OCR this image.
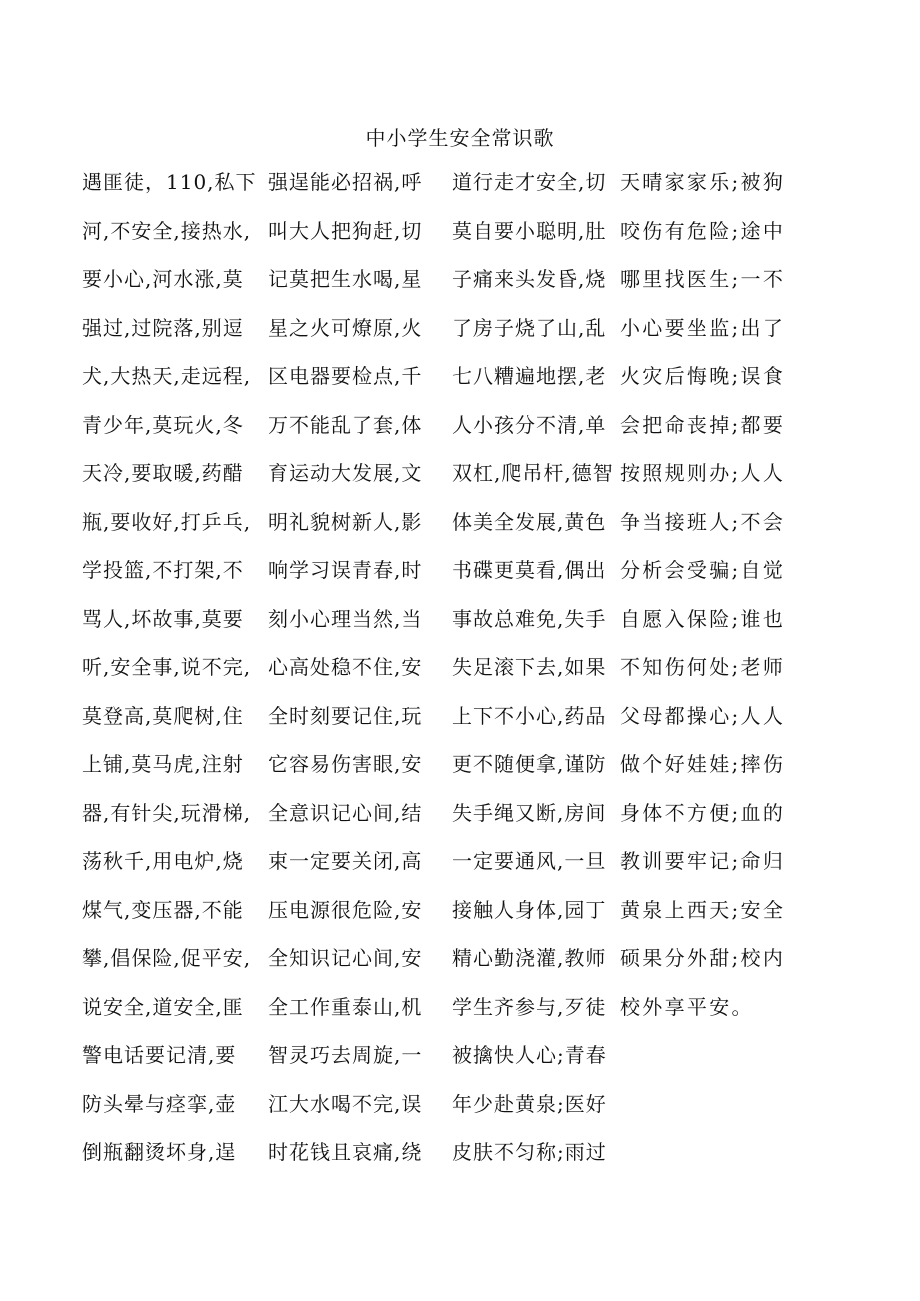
中小学生安全常识歌
遇匪徒，110,私下
河,不安全,接热水,
要小心,河水涨,莫
强过,过院落,别逗
犬,大热天,走远程,
青少年,莫玩火,冬
天冷,要取暖,药醋
瓶,要收好,打乒乓,
学投篮,不打架,不
骂人,坏故事,莫要
听,安全事,说不完,
莫登高,莫爬树,住
上铺,莫马虎,注射
器,有针尖,玩滑梯,
荡秋千,用电炉,烧
煤气,变压器,不能
攀,倡保险,促平安,
说安全,道安全,匪
警电话要记清,要
防头晕与痉挛,壶
倒瓶翻烫坏身,逞
强逞能必招祸,呼
叫大人把狗赶,切
记莫把生水喝,星
星之火可燎原,火
区电器要检点,千
万不能乱了套,体
育运动大发展,文
明礼貌树新人,影
响学习误青春,时
刻小心理当然,当
心高处稳不住,安
全时刻要记住,玩
它容易伤害眼,安
全意识记心间,结
束一定要关闭,高
压电源很危险,安
全知识记心间,安
全工作重泰山,机
智灵巧去周旋,一
江大水喝不完,误
时花钱且哀痛,绕
道行走才安全,切
莫自要小聪明,肚
子痛来头发昏,烧
了房子烧了山,乱
七八糟遍地摆,老
人小孩分不清,单
双杠,爬吊杆,德智
体美全发展,黄色
书碟更莫看,偶出
事故总难免,失手
失足滚下去,如果
上下不小心,药品
更不随便拿,谨防
失手绳又断,房间
一定要通风,一旦
接触人身体,园丁
精心勤浇灌,教师
学生齐参与,歹徒
被擒快人心;青春
年少赴黄泉;医好
皮肤不匀称;雨过
天晴家家乐;被狗
咬伤有危险;途中
哪里找医生;一不
小心要坐监;出了
火灾后悔晚;误食
会把命丧掉;都要
按照规则办;人人
争当接班人;不会
分析会受骗;自觉
自愿入保险;谁也
不知伤何处;老师
父母都操心;人人
做个好娃娃;摔伤
身体不方便;血的
教训要牢记;命归
黄泉上西天;安全
硕果分外甜;校内
校外享平安。
